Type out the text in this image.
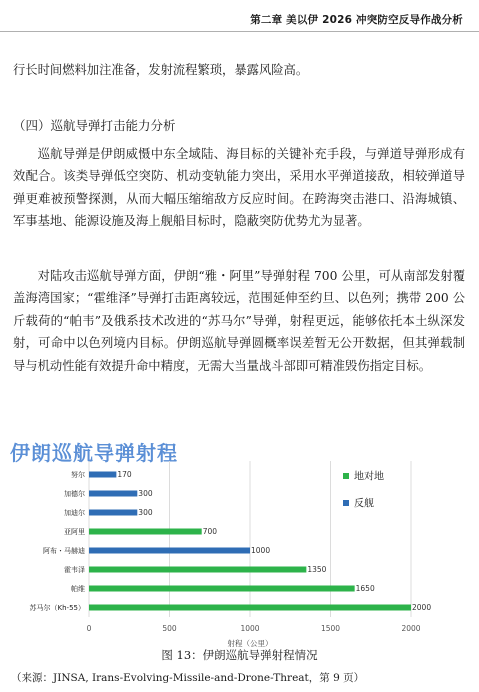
第二章 美以伊 2026 冲突防空反导作战分析
行长时间燃料加注准备，发射流程繁琐，暴露风险高。
（四）巡航导弹打击能力分析

巡航导弹是伊朗威慑中东全域陆、海目标的关键补充手段，与弹道导弹形成有效配合。该类导弹低空突防、机动变轨能力突出，采用水平弹道接敌，相较弹道导弹更难被预警探测，从而大幅压缩缩敌方反应时间。在跨海突击港口、沿海城镇、军事基地、能源设施及海上舰船目标时，隐蔽突防优势尤为显著。

对陆攻击巡航导弹方面，伊朗“雅・阿里”导弹射程 700 公里，可从南部发射覆盖海湾国家；“霍维泽”导弹打击距离较远，范围延伸至约旦、以色列；携带 200 公斤载荷的“帕韦”及俄系技术改进的“苏马尔”导弹，射程更远，能够依托本土纵深发射，可命中以色列境内目标。伊朗巡航导弹圆概率误差暂无公开数据，但其弹载制导与机动性能有效提升命中精度，无需大当量战斗部即可精准毁伤指定目标。

伊朗巡航导弹射程
0	500	1000	1500	2000
射程（公里）
努尔	170
加德尔	300
加迪尔	300
亚阿里	700
阿布・马赫迪	1000
霍韦泽	1350
帕维	1650
苏马尔（Kh-55）	2000
地对地
反舰
图 13：伊朗巡航导弹射程情况
（来源：JINSA, Irans-Evolving-Missile-and-Drone-Threat，第 9 页）
